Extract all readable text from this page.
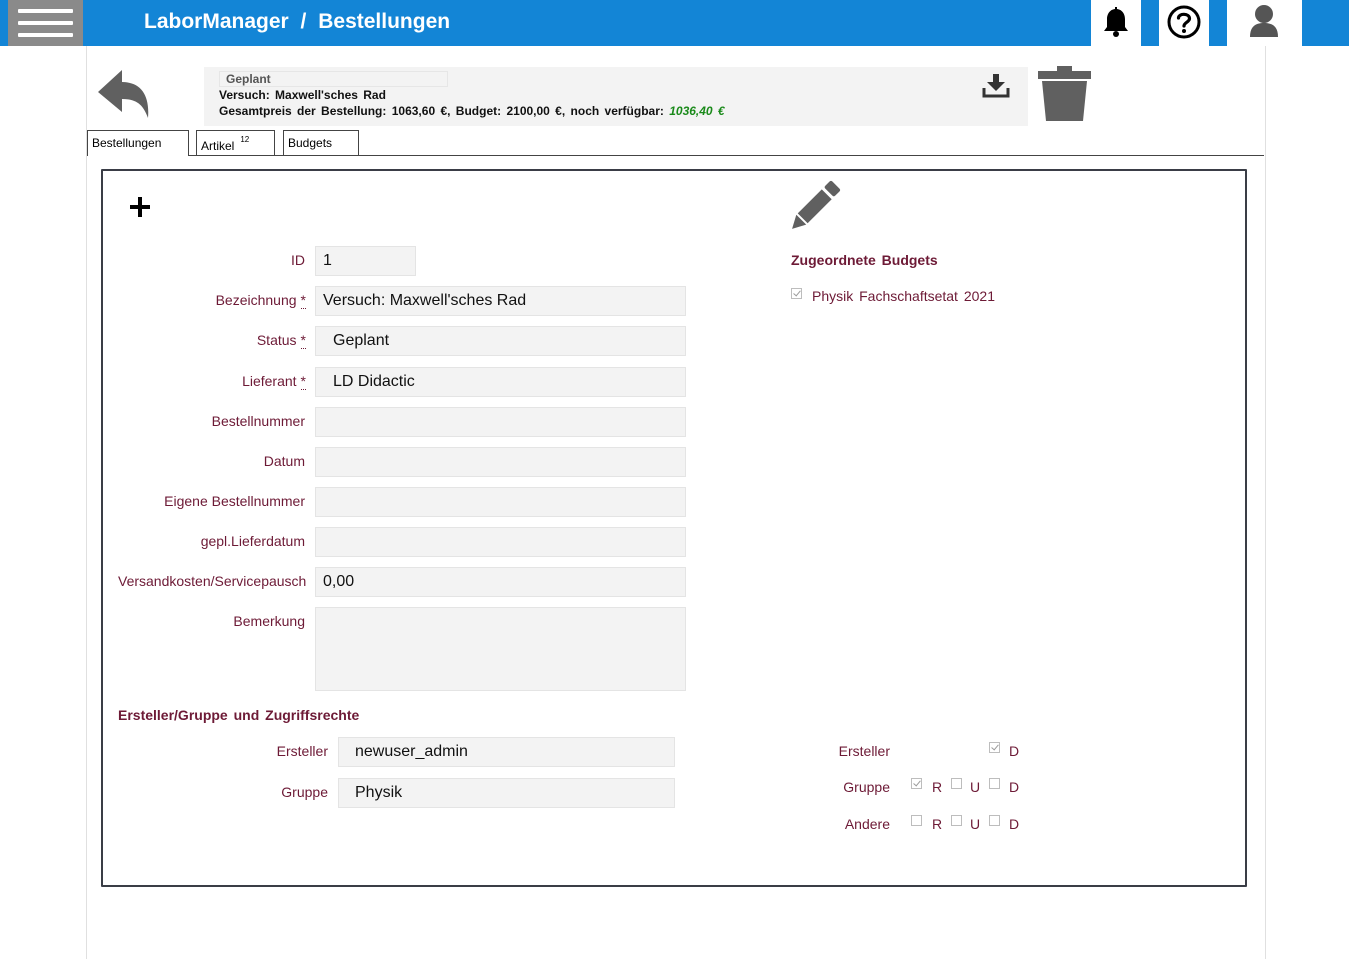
LaborManager / Bestellungen
Geplant
Versuch: Maxwell'sches Rad
Gesamtpreis der Bestellung: 1063,60 €, Budget: 2100,00 €, noch verfügbar: 1036,40 €
Bestellungen	Artikel $^{12}$	Budgets
ID	1
Bezeichnung *	Versuch: Maxwell'sches Rad
Status *	Geplant
Lieferant *	LD Didactic
Bestellnummer
Datum
Eigene Bestellnummer
gepl.Lieferdatum
Versandkosten/Servicepausch	0,00
Bemerkung
Zugeordnete Budgets
Physik Fachschaftsetat 2021
Ersteller/Gruppe und Zugriffsrechte
Ersteller	newuser_admin
Gruppe	Physik
Ersteller	D
Gruppe	R U D
Andere	R U D
